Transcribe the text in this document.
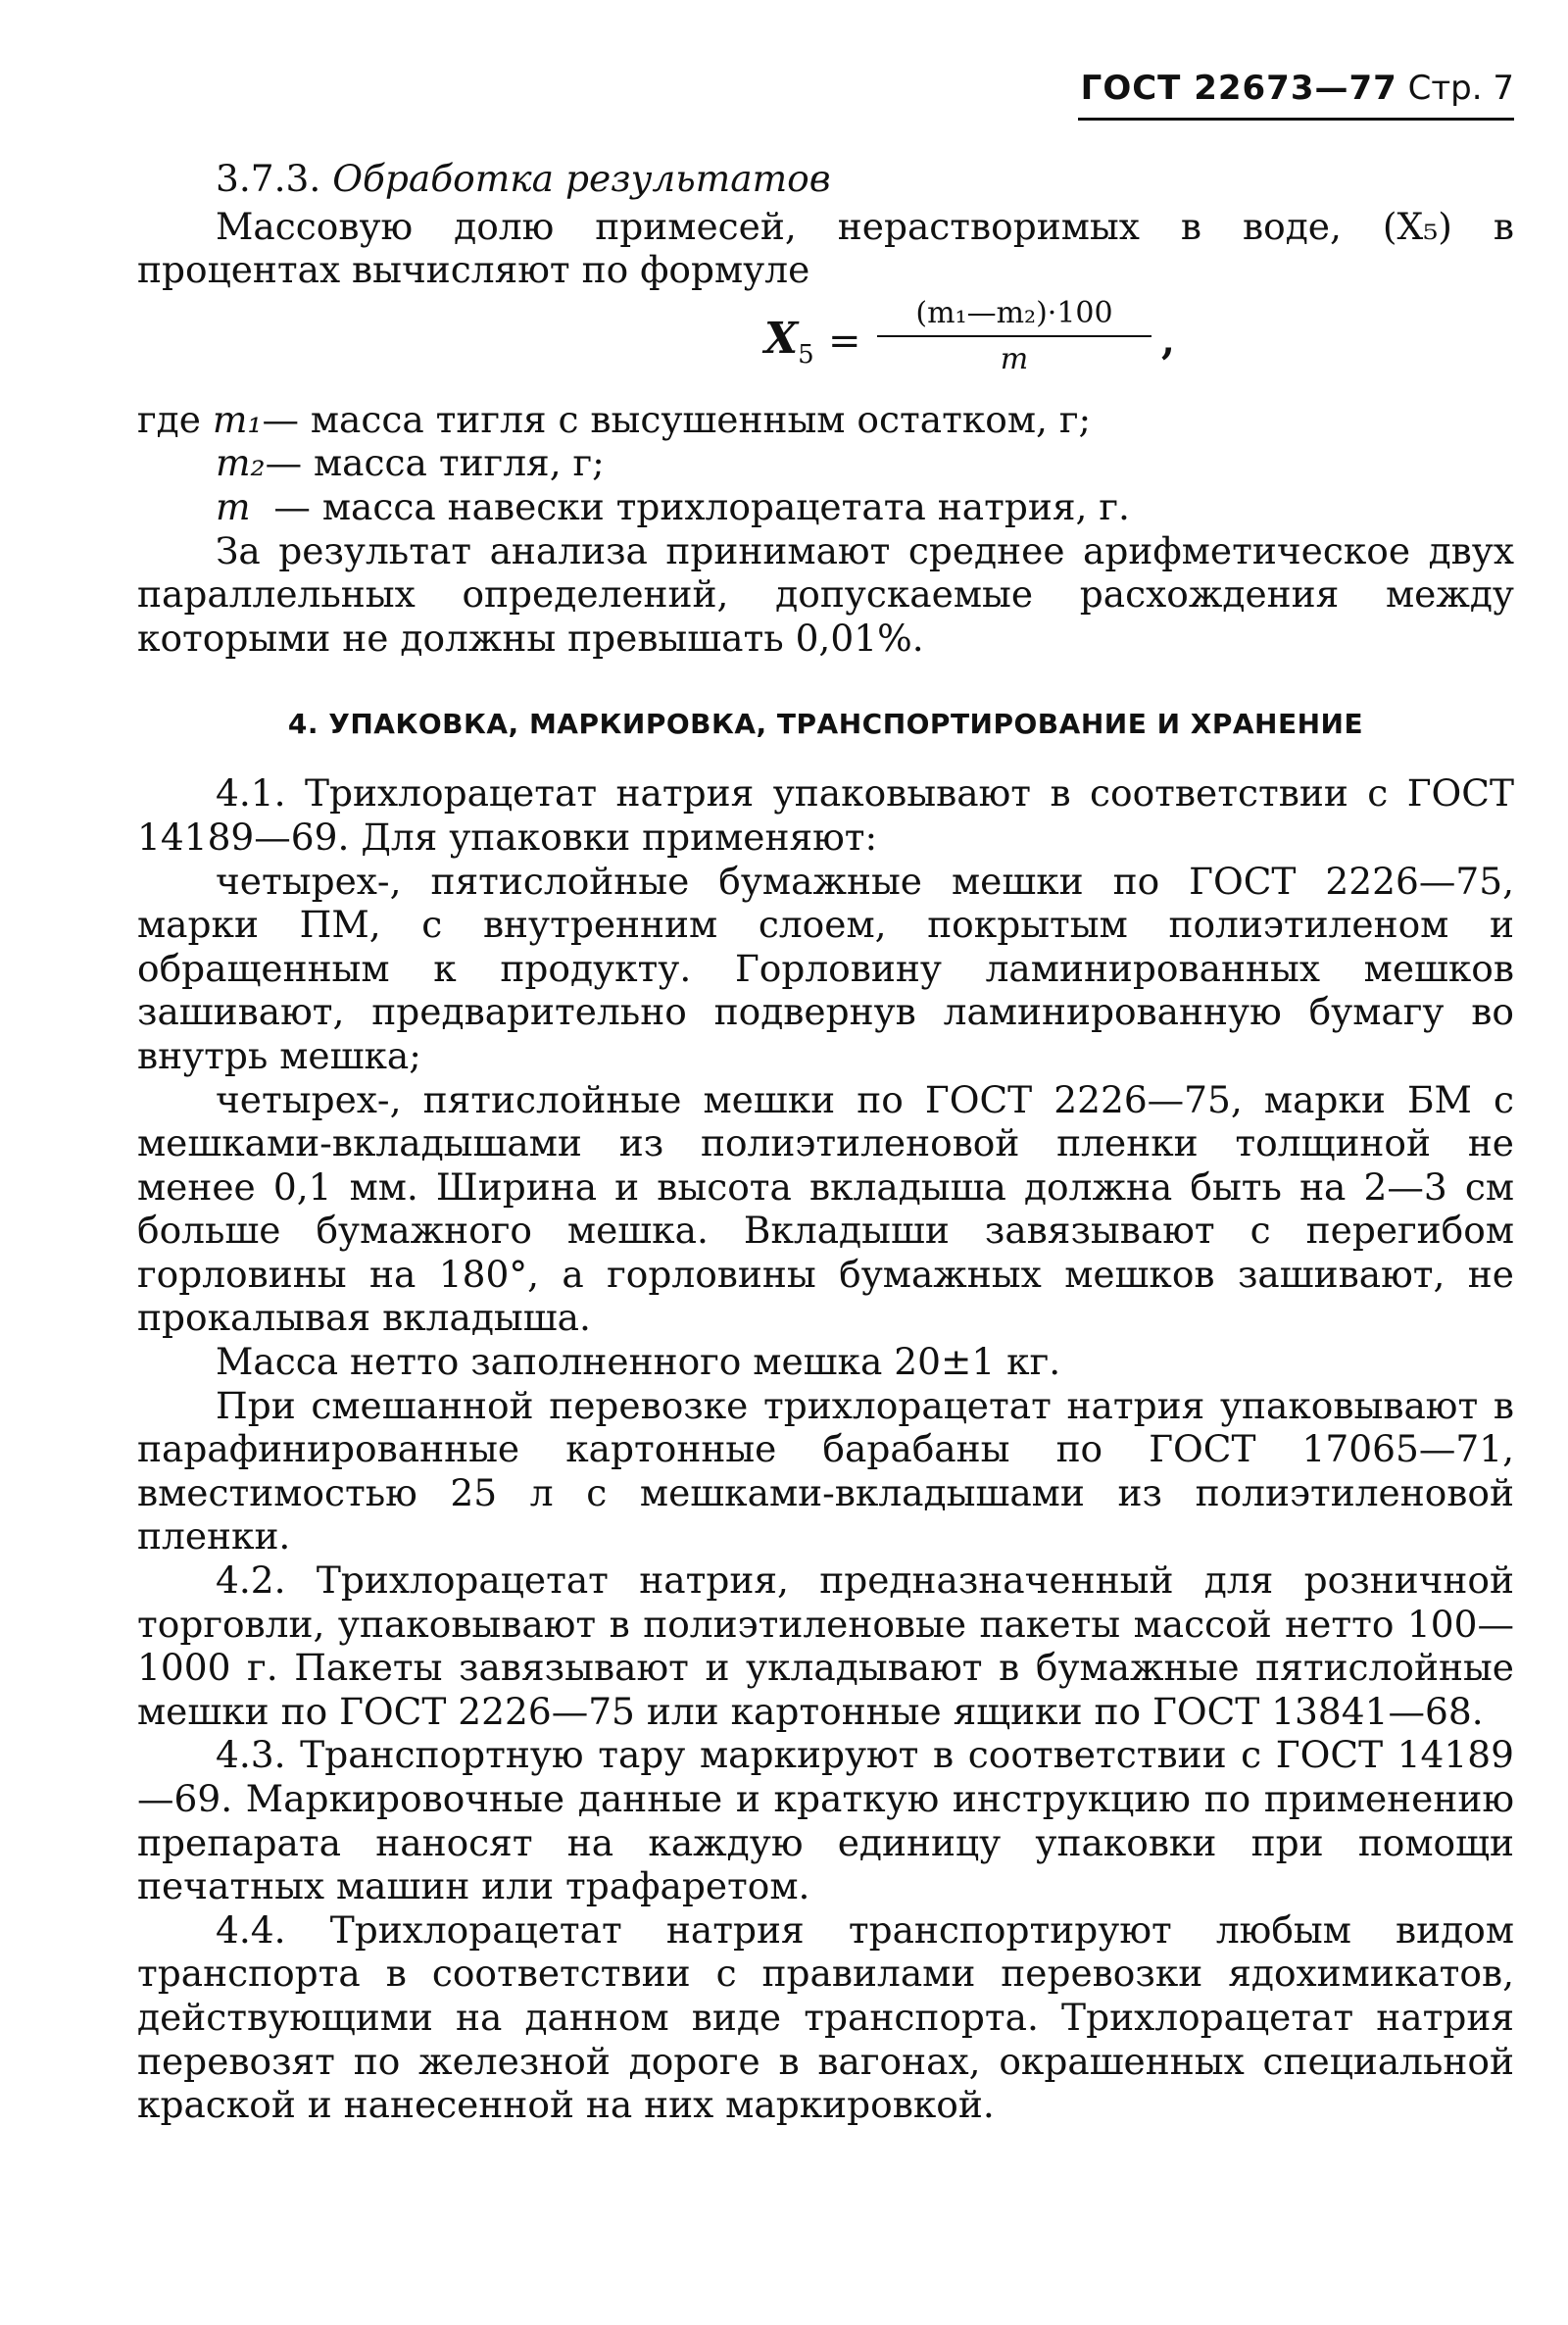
ГОСТ 22673—77 Стр. 7

3.7.3. Обработка результатов

Массовую долю примесей, нерастворимых в воде, (X₅) в процентах вычисляют по формуле

$X_5$ =
(m₁—m₂)·100
m	,
где
m₁ — масса тигля с высушенным остатком, г;
m₂ — масса тигля, г;
m — масса навески трихлорацетата натрия, г.

За результат анализа принимают среднее арифметическое двух параллельных определений, допускаемые расхождения между которыми не должны превышать 0,01%.

4. УПАКОВКА, МАРКИРОВКА, ТРАНСПОРТИРОВАНИЕ И ХРАНЕНИЕ

4.1. Трихлорацетат натрия упаковывают в соответствии с ГОСТ 14189—69. Для упаковки применяют:

четырех-, пятислойные бумажные мешки по ГОСТ 2226—75, марки ПМ, с внутренним слоем, покрытым полиэтиленом и обращенным к продукту. Горловину ламинированных мешков зашивают, предварительно подвернув ламинированную бумагу во внутрь мешка;

четырех-, пятислойные мешки по ГОСТ 2226—75, марки БМ с мешками-вкладышами из полиэтиленовой пленки толщиной не менее 0,1 мм. Ширина и высота вкладыша должна быть на 2—3 см больше бумажного мешка. Вкладыши завязывают с перегибом горловины на 180°, а горловины бумажных мешков зашивают, не прокалывая вкладыша.

Масса нетто заполненного мешка 20±1 кг.

При смешанной перевозке трихлорацетат натрия упаковывают в парафинированные картонные барабаны по ГОСТ 17065—71, вместимостью 25 л с мешками-вкладышами из полиэтиленовой пленки.

4.2. Трихлорацетат натрия, предназначенный для розничной торговли, упаковывают в полиэтиленовые пакеты массой нетто 100—1000 г. Пакеты завязывают и укладывают в бумажные пятислойные мешки по ГОСТ 2226—75 или картонные ящики по ГОСТ 13841—68.

4.3. Транспортную тару маркируют в соответствии с ГОСТ 14189—69. Маркировочные данные и краткую инструкцию по применению препарата наносят на каждую единицу упаковки при помощи печатных машин или трафаретом.

4.4. Трихлорацетат натрия транспортируют любым видом транспорта в соответствии с правилами перевозки ядохимикатов, действующими на данном виде транспорта. Трихлорацетат натрия перевозят по железной дороге в вагонах, окрашенных специальной краской и нанесенной на них маркировкой.
